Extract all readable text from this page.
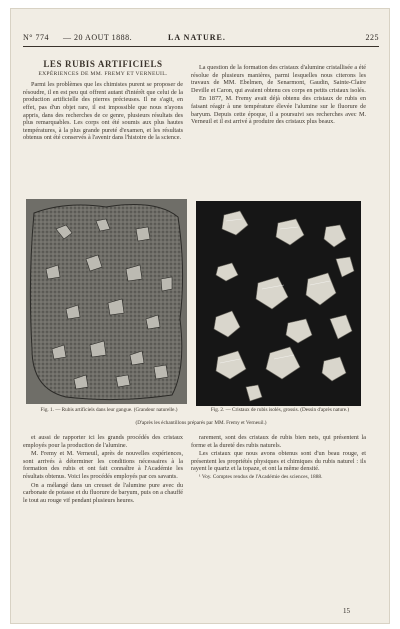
N° 774 — 20 AOUT 1888.	LA NATURE.	225
LES RUBIS ARTIFICIELS
EXPÉRIENCES DE MM. FREMY ET VERNEUIL.

Parmi les problèmes que les chimistes purent se proposer de résoudre, il en est peu qui offrent autant d'intérêt que celui de la production artificielle des pierres précieuses. Il ne s'agit, en effet, pas d'un objet rare, il est impossible que nous n'ayons appris, dans des recherches de ce genre, plusieurs résultats des plus remarquables. Les corps ont été soumis aux plus hautes températures, à la plus grande pureté d'examen, et les résultats obtenus ont été conservés à l'avenir dans l'histoire de la science.

La question de la formation des cristaux d'alumine cristallisée a été résolue de plusieurs manières, parmi lesquelles nous citerons les travaux de MM. Ebelmen, de Senarmont, Gaudin, Sainte-Claire Deville et Caron, qui avaient obtenu ces corps en petits cristaux isolés.

En 1877, M. Fremy avait déjà obtenu des cristaux de rubis en faisant réagir à une température élevée l'alumine sur le fluorure de baryum. Depuis cette époque, il a poursuivi ses recherches avec M. Verneuil et il est arrivé à produire des cristaux plus beaux.

Fig. 1. — Rubis artificiels dans leur gangue. (Grandeur naturelle.)	Fig. 2. — Cristaux de rubis isolés, grossis. (Dessin d'après nature.)
(D'après les échantillons préparés par MM. Fremy et Verneuil.)

et aussi de rapporter ici les grands procédés des cristaux employés pour la production de l'alumine.

M. Fremy et M. Verneuil, après de nouvelles expériences, sont arrivés à déterminer les conditions nécessaires à la formation des rubis et ont fait connaître à l'Académie les résultats obtenus. Voici les procédés employés par ces savants.

On a mélangé dans un creuset de l'alumine pure avec du carbonate de potasse et du fluorure de baryum, puis on a chauffé le tout au rouge vif pendant plusieurs heures.

rarement, sont des cristaux de rubis bien nets, qui présentent la forme et la dureté des rubis naturels.

Les cristaux que nous avons obtenus sont d'un beau rouge, et présentent les propriétés physiques et chimiques du rubis naturel : ils rayent le quartz et la topaze, et ont la même densité.

¹ Voy. Comptes rendus de l'Académie des sciences, 1888.

15
